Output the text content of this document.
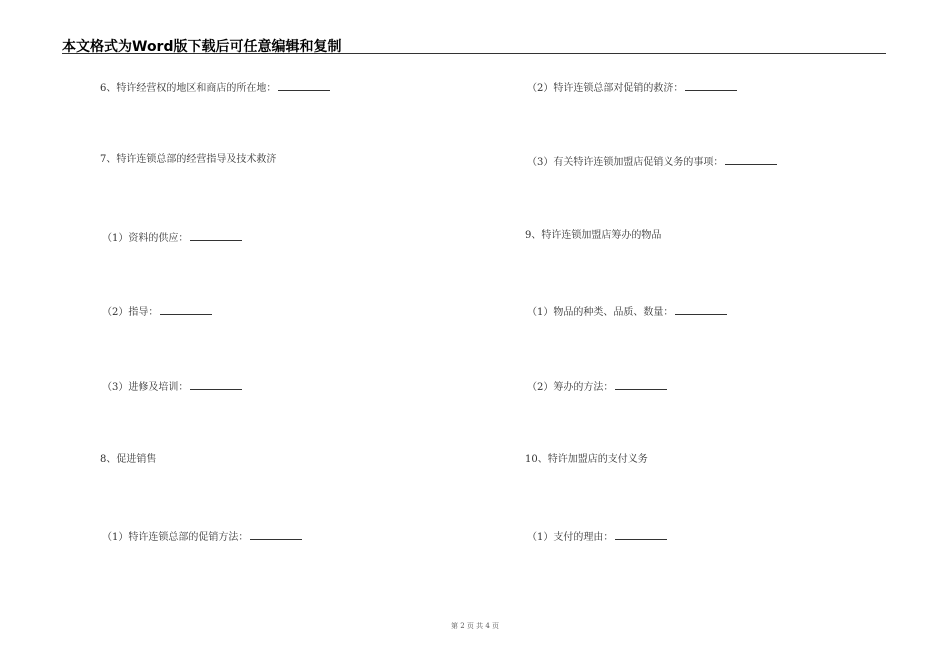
本文格式为Word版下载后可任意编辑和复制
6、特许经营权的地区和商店的所在地：
7、特许连锁总部的经营指导及技术救济
（1）资料的供应：
（2）指导：
（3）进修及培训：
8、促进销售
（1）特许连锁总部的促销方法：
（2）特许连锁总部对促销的救济：
（3）有关特许连锁加盟店促销义务的事项：
9、特许连锁加盟店筹办的物品
（1）物品的种类、品质、数量：
（2）筹办的方法：
10、特许加盟店的支付义务
（1）支付的理由：
第 2 页 共 4 页
